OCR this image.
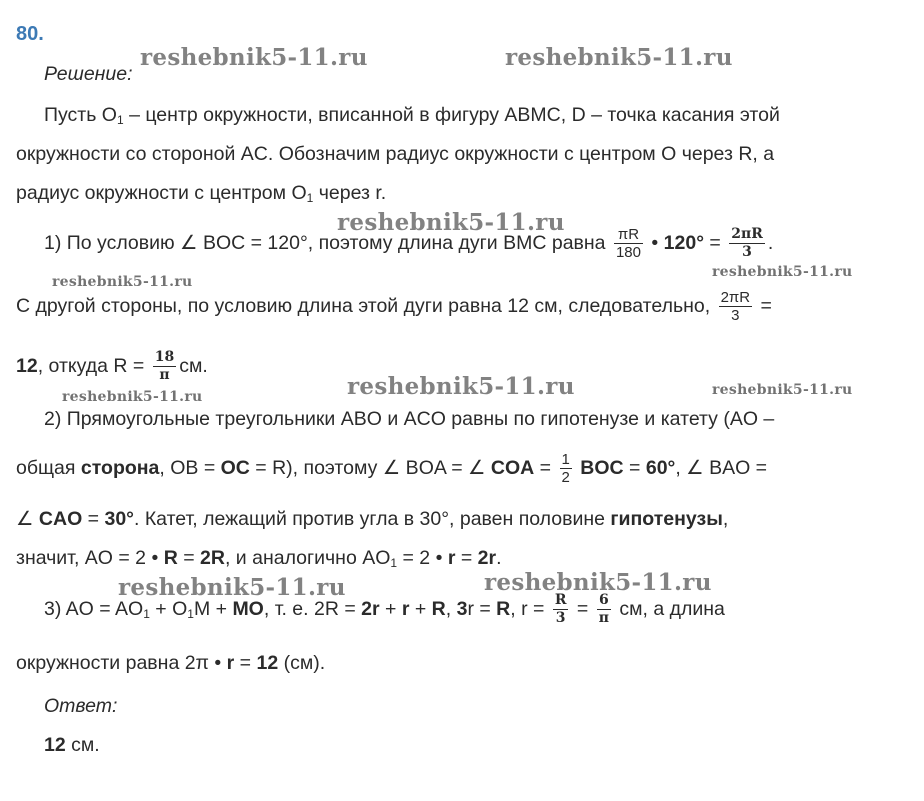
80.
reshebnik5-11.ru	reshebnik5-11.ru
reshebnik5-11.ru
reshebnik5-11.ru
reshebnik5-11.ru
reshebnik5-11.ru	reshebnik5-11.ru
reshebnik5-11.ru
reshebnik5-11.ru	reshebnik5-11.ru
Решение:
Пусть $O_1$ – центр окружности, вписанной в фигуру ABMC, D – точка касания этой
окружности со стороной AC. Обозначим радиус окружности с центром O через R, а
радиус окружности с центром $O_1$ через r.
1) По условию ∠ BOC = 120°, поэтому длина дуги BMC равна $\frac{\pi R}{180}$ • $120^\circ = \frac{2\pi R}{3}$ .
С другой стороны, по условию длина этой дуги равна 12 см, следовательно, $\frac{2\pi R}{3}$ =
12, откуда $R = \frac{18}{\pi}$ см.
2) Прямоугольные треугольники ABO и ACO равны по гипотенузе и катету (AO –
общая сторона, OB = OC = R), поэтому ∠ BOA = ∠ COA = $\frac{1}{2}$ BOC = 60°, ∠ BAO =
∠ CAO = 30°. Катет, лежащий против угла в 30°, равен половине гипотенузы,
значит, AO = 2 • R = 2R, и аналогично $AO_1 = 2$ • r = 2r.
3) AO = $AO_1 + O_1M$ + MO, т. е. 2R = 2r + r + R, 3r = R, $r = \frac{R}{3} = \frac{6}{\pi}$ см, а длина
окружности равна 2π • r = 12 (см).
Ответ:
12 см.
